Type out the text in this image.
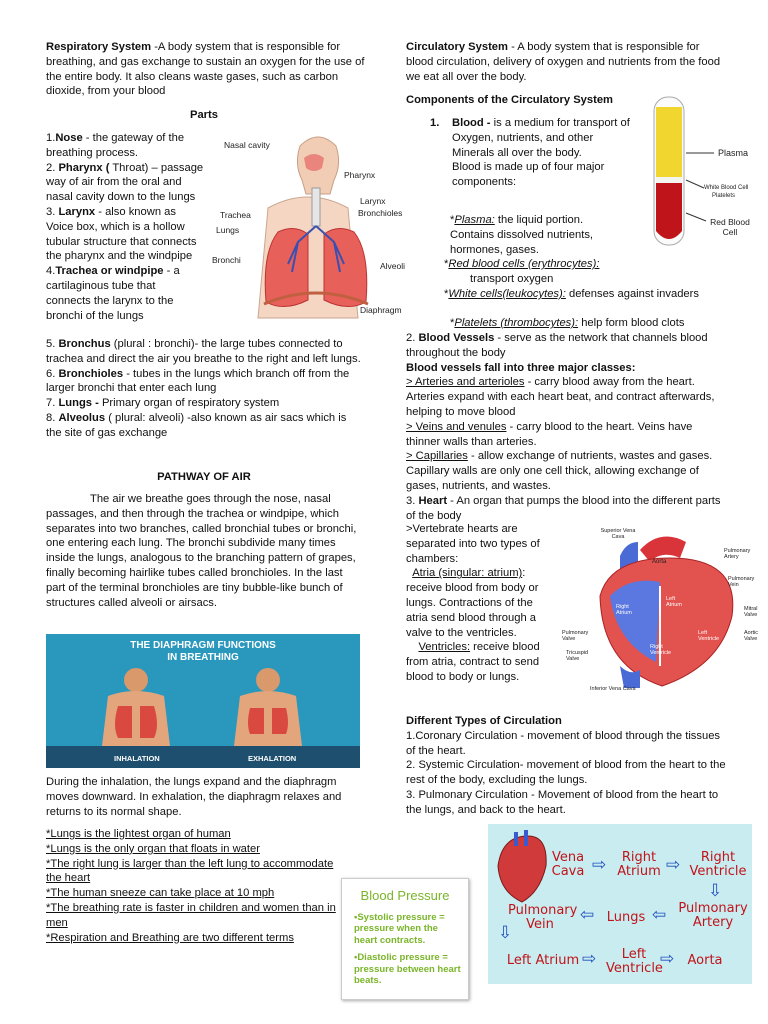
Respiratory System -A body system that is responsible for breathing, and gas exchange to sustain an oxygen for the use of the entire body. It also cleans waste gases, such as carbon dioxide, from your blood
Parts
1.Nose - the gateway of the breathing process.
2. Pharynx ( Throat) – passage way of air from the oral and nasal cavity down to the lungs
3. Larynx - also known as Voice box, which is a hollow tubular structure that connects the pharynx and the windpipe
4.Trachea or windpipe - a cartilaginous tube that connects the larynx to the bronchi of the lungs
5. Bronchus (plural : bronchi)- the large tubes connected to trachea and direct the air you breathe to the right and left lungs.
6. Bronchioles - tubes in the lungs which branch off from the larger bronchi that enter each lung
7. Lungs - Primary organ of respiratory system
8. Alveolus ( plural: alveoli) -also known as air sacs which is the site of gas exchange
Nasal cavity
Pharynx
Larynx
Trachea	Bronchioles
Lungs
Bronchi
Alveoli
Diaphragm
PATHWAY OF AIR
The air we breathe goes through the nose, nasal passages, and then through the trachea or windpipe, which separates into two branches, called bronchial tubes or bronchi, one entering each lung. The bronchi subdivide many times inside the lungs, analogous to the branching pattern of grapes, finally becoming hairlike tubes called bronchioles. In the last part of the terminal bronchioles are tiny bubble-like bunch of structures called alveoli or airsacs.
THE DIAPHRAGM FUNCTIONS
IN BREATHING
INHALATION	EXHALATION
During the inhalation, the lungs expand and the diaphragm moves downward. In exhalation, the diaphragm relaxes and returns to its normal shape.
*Lungs is the lightest organ of human
*Lungs is the only organ that floats in water
*The right lung is larger than the left lung to accommodate the heart
*The human sneeze can take place at 10 mph
*The breathing rate is faster in children and women than in men
*Respiration and Breathing are two different terms
Circulatory System - A body system that is responsible for blood circulation, delivery of oxygen and nutrients from the food we eat all over the body.
Components of the Circulatory System
1. Blood - is a medium for transport of Oxygen, nutrients, and other Minerals all over the body.
Blood is made up of four major components:
*Plasma: the liquid portion. Contains dissolved nutrients, hormones, gases.
*Red blood cells (erythrocytes):
transport oxygen
*White cells(leukocytes): defenses against invaders
*Platelets (thrombocytes): help form blood clots
Plasma
White Blood Cell
Platelets
Red Blood Cell
2. Blood Vessels - serve as the network that channels blood throughout the body
Blood vessels fall into three major classes:
> Arteries and arterioles - carry blood away from the heart. Arteries expand with each heart beat, and contract afterwards, helping to move blood
> Veins and venules - carry blood to the heart. Veins have thinner walls than arteries.
> Capillaries - allow exchange of nutrients, wastes and gases. Capillary walls are only one cell thick, allowing exchange of gases, nutrients, and wastes.
3. Heart - An organ that pumps the blood into the different parts of the body
>Vertebrate hearts are separated into two types of chambers:
Atria (singular: atrium): receive blood from body or lungs. Contractions of the atria send blood through a valve to the ventricles.
Ventricles: receive blood from atria, contract to send blood to body or lungs.
Superior Vena Cava
Aorta
Pulmonary Artery
Pulmonary Vein
Right Atrium
Left Atrium
Mitral Valve
Aortic Valve
Pulmonary Valve
Tricuspid Valve
Right Ventricle
Left Ventricle
Inferior Vena Cava
Different Types of Circulation
1.Coronary Circulation - movement of blood through the tissues of the heart.
2. Systemic Circulation- movement of blood from the heart to the rest of the body, excluding the lungs.
3. Pulmonary Circulation - Movement of blood from the heart to the lungs, and back to the heart.
Blood Pressure
•Systolic pressure = pressure when the heart contracts.
•Diastolic pressure = pressure between heart beats.
Vena Cava ⇨	Right Atrium ⇨	Right Ventricle
⇩
Pulmonary Vein
⇦ Lungs ⇦ Pulmonary Artery
⇩
Left Atrium ⇨	Left Ventricle
⇨	Aorta
